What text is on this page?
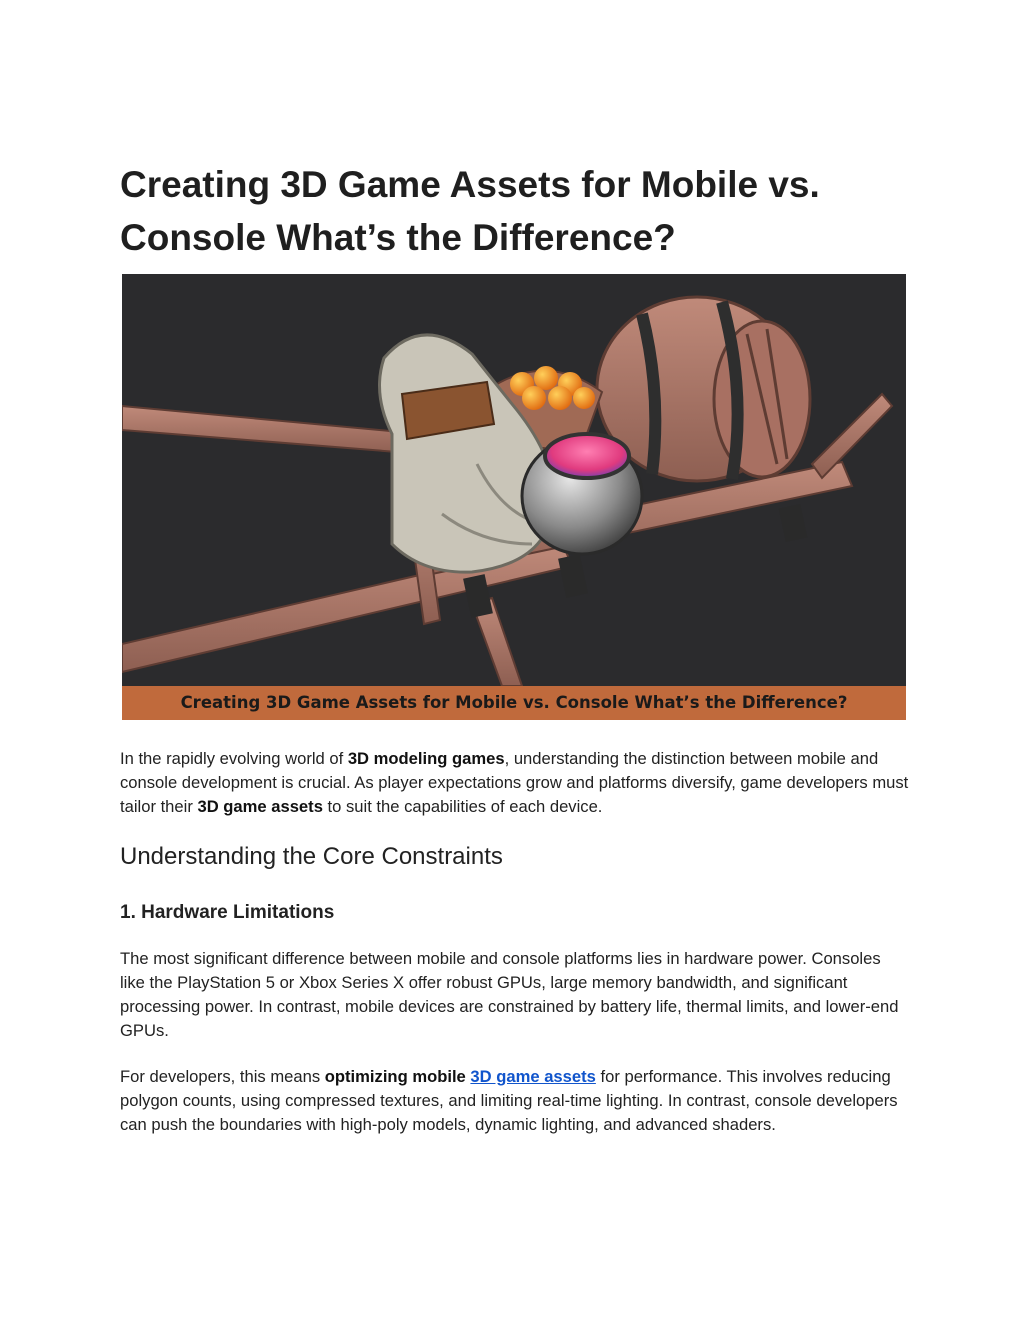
Creating 3D Game Assets for Mobile vs. Console What’s the Difference?
Creating 3D Game Assets for Mobile vs. Console What’s the Difference?

In the rapidly evolving world of 3D modeling games, understanding the distinction between mobile and console development is crucial. As player expectations grow and platforms diversify, game developers must tailor their 3D game assets to suit the capabilities of each device.

Understanding the Core Constraints
1. Hardware Limitations

The most significant difference between mobile and console platforms lies in hardware power. Consoles like the PlayStation 5 or Xbox Series X offer robust GPUs, large memory bandwidth, and significant processing power. In contrast, mobile devices are constrained by battery life, thermal limits, and lower-end GPUs.

For developers, this means optimizing mobile 3D game assets for performance. This involves reducing polygon counts, using compressed textures, and limiting real-time lighting. In contrast, console developers can push the boundaries with high-poly models, dynamic lighting, and advanced shaders.
